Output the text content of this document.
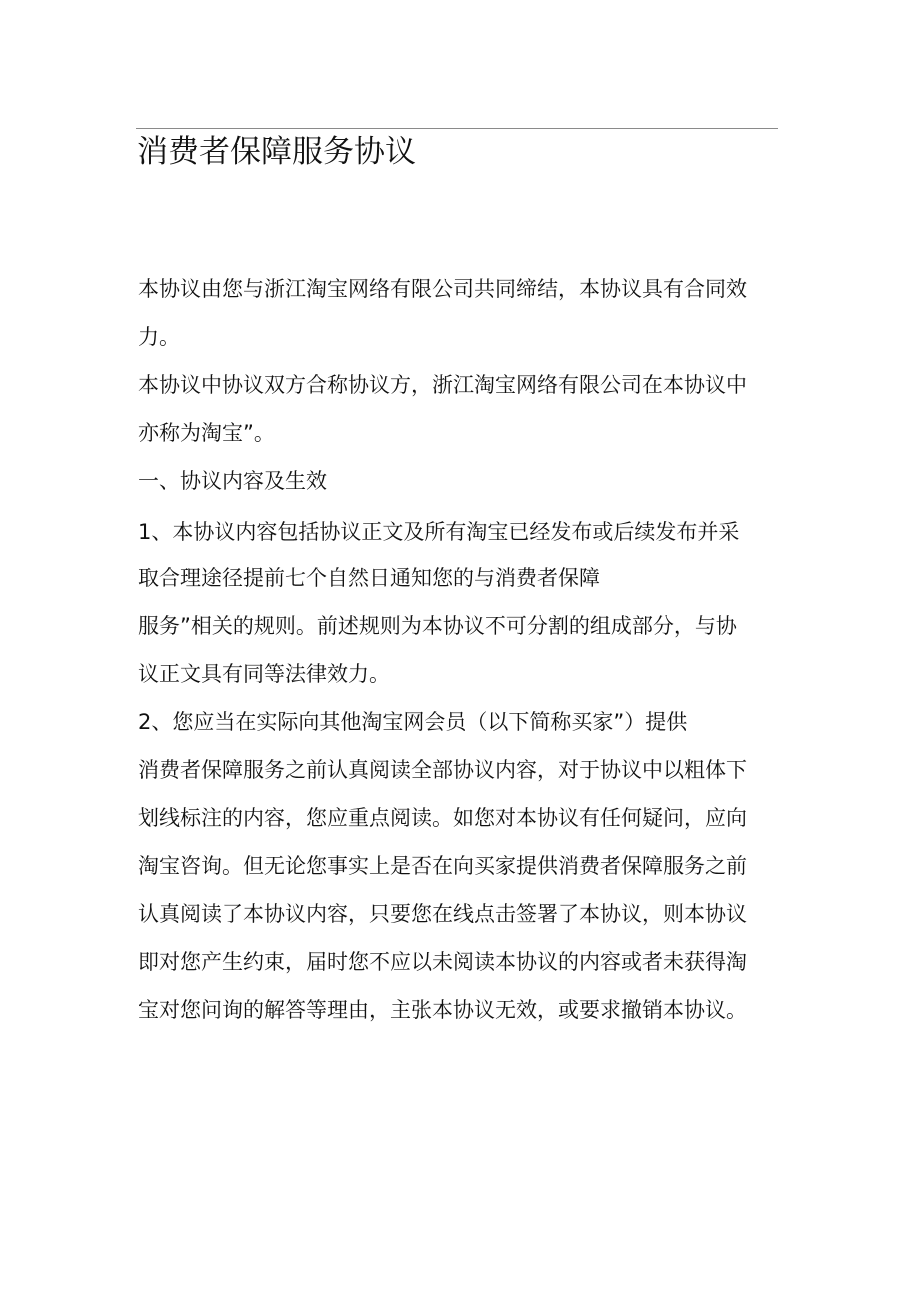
消费者保障服务协议
本协议由您与浙江淘宝网络有限公司共同缔结，本协议具有合同效
力。
本协议中协议双方合称协议方，浙江淘宝网络有限公司在本协议中
亦称为淘宝”。
一、协议内容及生效
1、本协议内容包括协议正文及所有淘宝已经发布或后续发布并采
取合理途径提前七个自然日通知您的与消费者保障
服务”相关的规则。前述规则为本协议不可分割的组成部分，与协
议正文具有同等法律效力。
2、您应当在实际向其他淘宝网会员（以下简称买家”）提供
消费者保障服务之前认真阅读全部协议内容，对于协议中以粗体下
划线标注的内容，您应重点阅读。如您对本协议有任何疑问，应向
淘宝咨询。但无论您事实上是否在向买家提供消费者保障服务之前
认真阅读了本协议内容，只要您在线点击签署了本协议，则本协议
即对您产生约束，届时您不应以未阅读本协议的内容或者未获得淘
宝对您问询的解答等理由，主张本协议无效，或要求撤销本协议。
